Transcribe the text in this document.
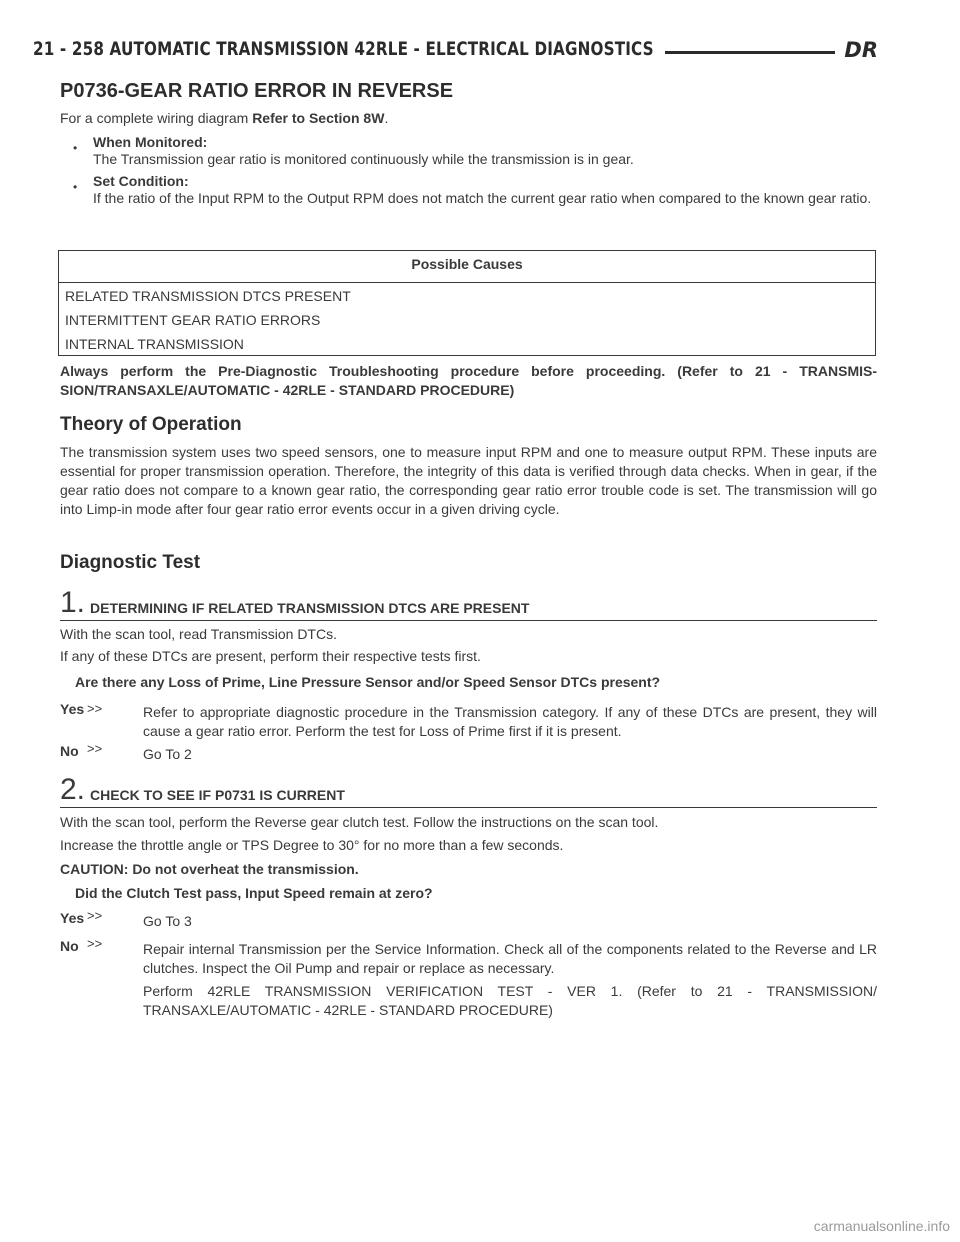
21 - 258 AUTOMATIC TRANSMISSION 42RLE - ELECTRICAL DIAGNOSTICS	DR
P0736-GEAR RATIO ERROR IN REVERSE
For a complete wiring diagram Refer to Section 8W.
• When Monitored:
The Transmission gear ratio is monitored continuously while the transmission is in gear.
• Set Condition:
If the ratio of the Input RPM to the Output RPM does not match the current gear ratio when compared to the known gear ratio.
Possible Causes
RELATED TRANSMISSION DTCS PRESENT
INTERMITTENT GEAR RATIO ERRORS
INTERNAL TRANSMISSION
Always perform the Pre-Diagnostic Troubleshooting procedure before proceeding. (Refer to 21 - TRANSMIS-SION/TRANSAXLE/AUTOMATIC - 42RLE - STANDARD PROCEDURE)
Theory of Operation
The transmission system uses two speed sensors, one to measure input RPM and one to measure output RPM. These inputs are essential for proper transmission operation. Therefore, the integrity of this data is verified through data checks. When in gear, if the gear ratio does not compare to a known gear ratio, the corresponding gear ratio error trouble code is set. The transmission will go into Limp-in mode after four gear ratio error events occur in a given driving cycle.
Diagnostic Test
1. DETERMINING IF RELATED TRANSMISSION DTCS ARE PRESENT
With the scan tool, read Transmission DTCs.
If any of these DTCs are present, perform their respective tests first.
Are there any Loss of Prime, Line Pressure Sensor and/or Speed Sensor DTCs present?
Yes >>	Refer to appropriate diagnostic procedure in the Transmission category. If any of these DTCs are present, they will cause a gear ratio error. Perform the test for Loss of Prime first if it is present.
No >>	Go To 2
2. CHECK TO SEE IF P0731 IS CURRENT
With the scan tool, perform the Reverse gear clutch test. Follow the instructions on the scan tool.
Increase the throttle angle or TPS Degree to 30° for no more than a few seconds.
CAUTION: Do not overheat the transmission.
Did the Clutch Test pass, Input Speed remain at zero?
Yes >>	Go To 3
No >>	Repair internal Transmission per the Service Information. Check all of the components related to the Reverse and LR clutches. Inspect the Oil Pump and repair or replace as necessary.
Perform 42RLE TRANSMISSION VERIFICATION TEST - VER 1. (Refer to 21 - TRANSMISSION/ TRANSAXLE/AUTOMATIC - 42RLE - STANDARD PROCEDURE)
carmanualsonline.info
